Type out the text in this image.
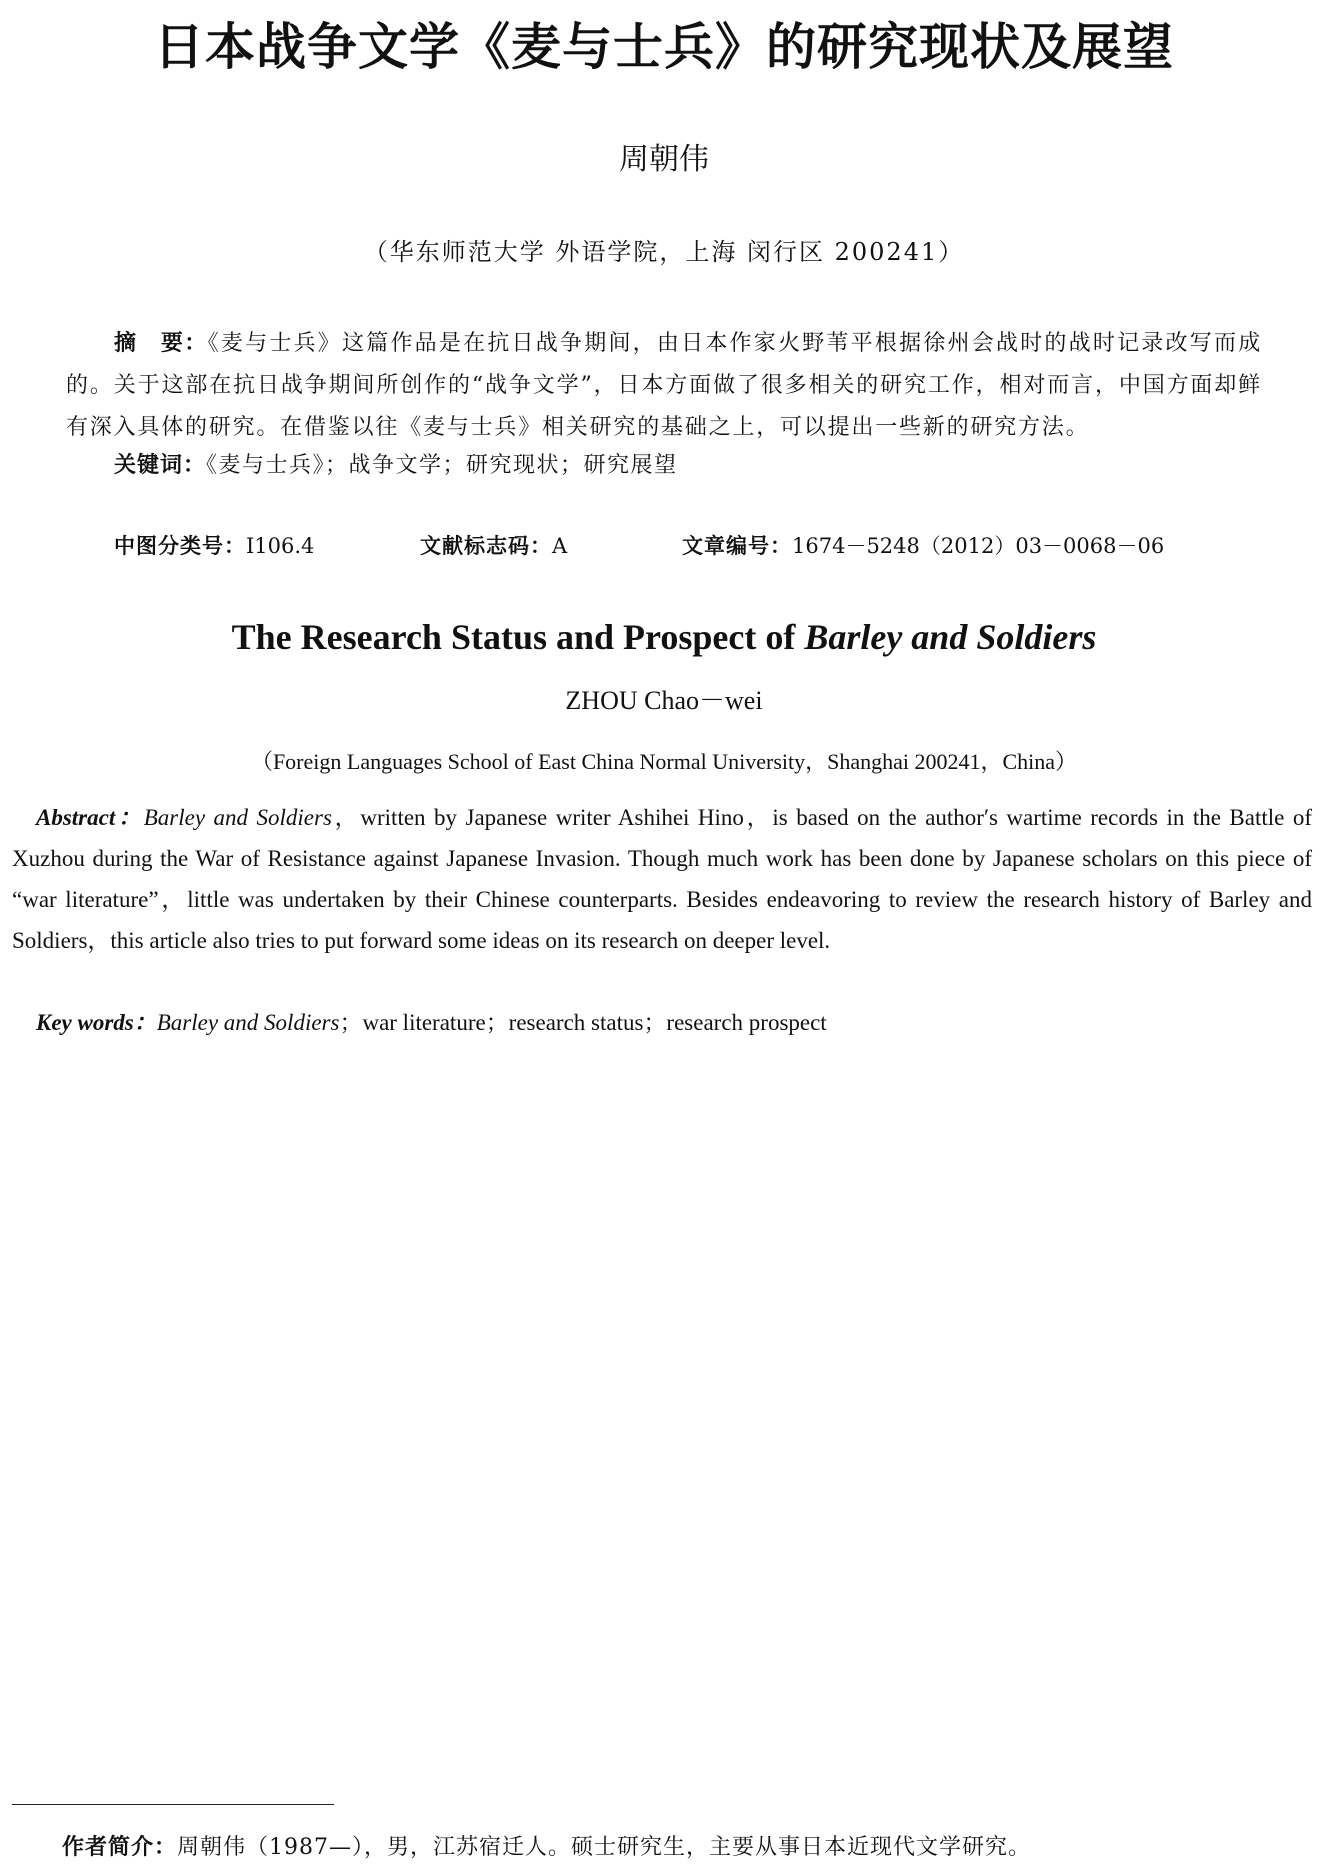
日本战争文学《麦与士兵》的研究现状及展望
周朝伟
（华东师范大学 外语学院，上海 闵行区 200241）
摘　要：《麦与士兵》这篇作品是在抗日战争期间，由日本作家火野苇平根据徐州会战时的战时记录改写而成的。关于这部在抗日战争期间所创作的“战争文学”，日本方面做了很多相关的研究工作，相对而言，中国方面却鲜有深入具体的研究。在借鉴以往《麦与士兵》相关研究的基础之上，可以提出一些新的研究方法。
关键词：《麦与士兵》；战争文学；研究现状；研究展望
中图分类号：I106.4	文献标志码：A	文章编号：1674－5248（2012）03－0068－06
The Research Status and Prospect of Barley and Soldiers
ZHOU Chao－wei
（Foreign Languages School of East China Normal University，Shanghai 200241，China）
Abstract：Barley and Soldiers，written by Japanese writer Ashihei Hino，is based on the author′s wartime records in the Battle of Xuzhou during the War of Resistance against Japanese Invasion. Though much work has been done by Japanese scholars on this piece of “war literature”，little was undertaken by their Chinese counterparts. Besides endeavoring to review the research history of Barley and Soldiers，this article also tries to put forward some ideas on its research on deeper level.
Key words：Barley and Soldiers；war literature；research status；research prospect
作者简介：周朝伟（1987—），男，江苏宿迁人。硕士研究生，主要从事日本近现代文学研究。
